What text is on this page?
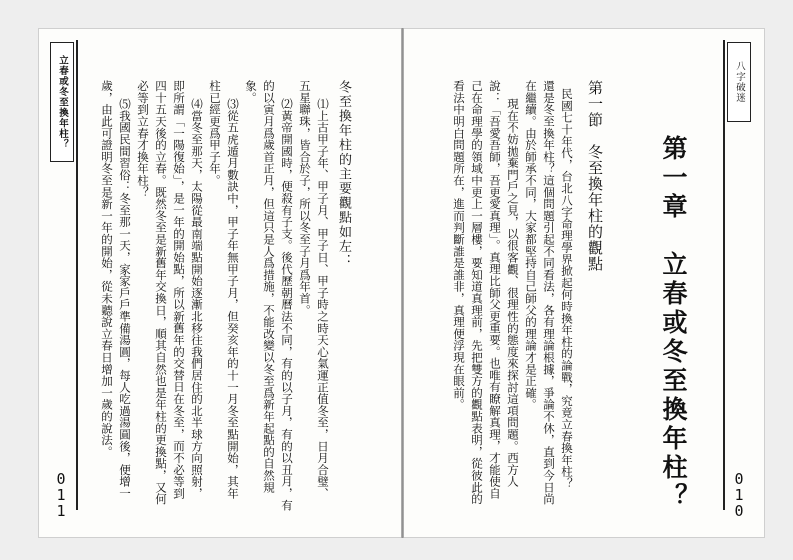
立春或冬至換年柱？
011
八字破迷
010
第一章　立春或冬至換年柱？
第一節　冬至換年柱的觀點
民國七十年代，台北八字命理學界掀起何時換年柱的論戰，究竟立春換年柱？
還是冬至換年柱？這個問題引起不同看法，各有理論根據，爭論不休，直到今日尚
在繼續。由於師承不同，大家都堅持自己師父的理論才是正確。
現在不妨拋棄門戶之見，以很客觀、很理性的態度來探討這項問題。西方人
說：「吾愛吾師，吾更愛真理」。真理比師父更重要。也唯有瞭解真理，才能使自
己在命理學的領域中更上一層樓，要知道真理前，先把雙方的觀點表明，從彼此的
看法中明白問題所在，進而判斷誰是誰非，真理便浮現在眼前。
冬至換年柱的主要觀點如左：
⑴上古甲子年、甲子月、甲子日、甲子時之時天心氣運正值冬至，日月合璧、
五星聯珠，皆合於子，所以冬至子月爲年首。
⑵黃帝開國時，便殺有子支。後代歷朝曆法不同，有的以子月，有的以丑月，有
的以寅月爲歲首正月，但這只是人爲措施，不能改變以冬至爲新年起點的自然規
象。
⑶從五虎遁月數訣中，甲子年無甲子月，但癸亥年的十一月冬至點開始，其年
柱已經更爲甲子年。
⑷當冬至那天，太陽從最南端點開始逐漸北移往我們居住的北半球方向照射，
即所謂「一陽復始」，是一年的開始點，所以新舊年的交替日在冬至，而不必等到
四十五天後的立春。既然冬至是新舊年交換日，順其自然也是年柱的更換點，又何
必等到立春才換年柱？
⑸我國民間習俗：冬至那一天，家家戶戶準備湯圓，每人吃過湯圓後，便增一
歲，由此可證明冬至是新一年的開始，從未聽說立春日增加一歲的說法。
